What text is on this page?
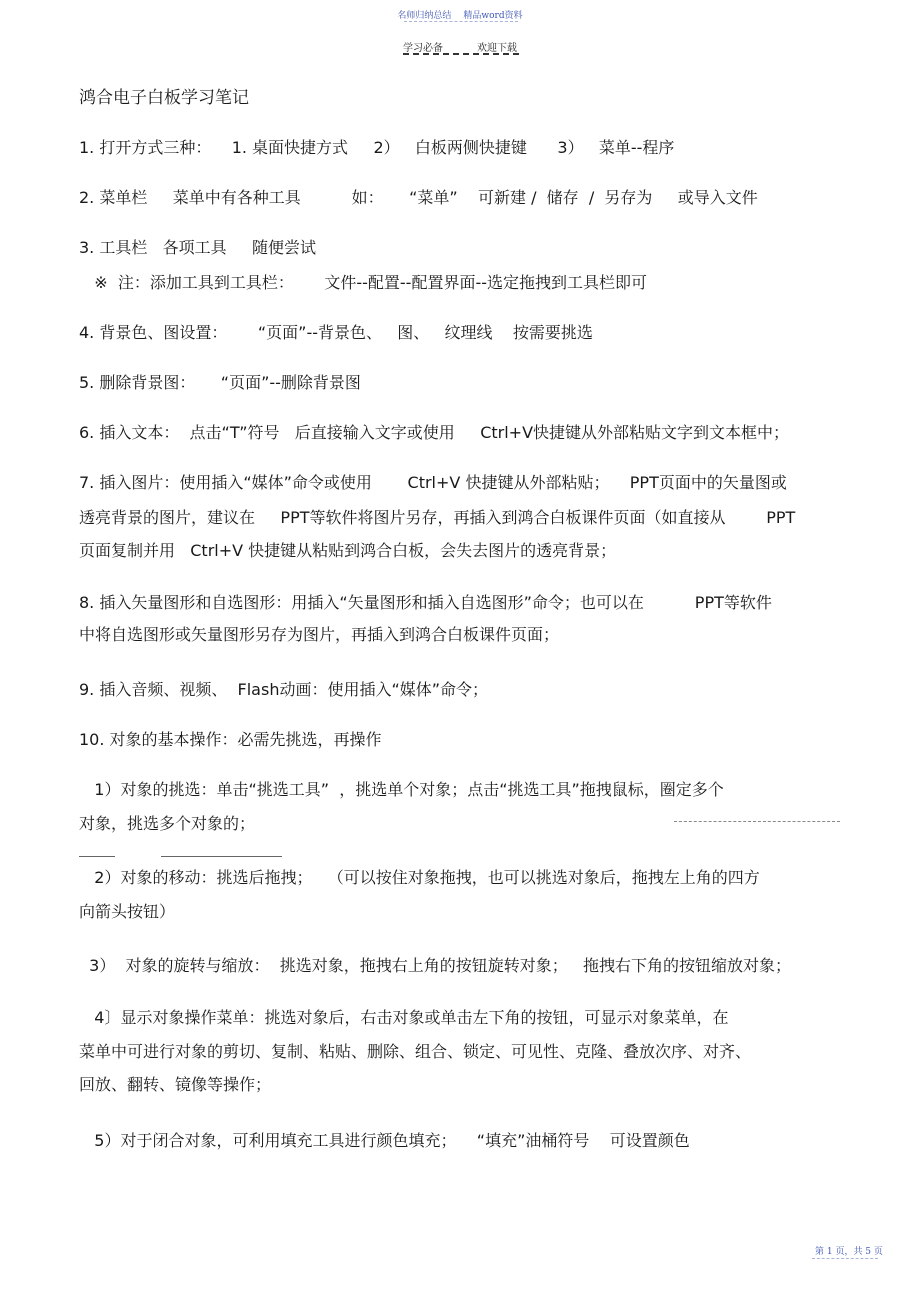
名师归纳总结 精品word资料
学习必备	欢迎下载
鸿合电子白板学习笔记
1. 打开方式三种：    1. 桌面快捷方式     2）   白板两侧快捷键      3）   菜单--程序
2. 菜单栏     菜单中有各种工具          如：     “菜单”    可新建 /  储存  /  另存为     或导入文件
3. 工具栏   各项工具     随便尝试
※  注：添加工具到工具栏：      文件--配置--配置界面--选定拖拽到工具栏即可
4. 背景色、图设置：      “页面”--背景色、   图、   纹理线    按需要挑选
5. 删除背景图：     “页面”--删除背景图
6. 插入文本：  点击“T”符号   后直接输入文字或使用     Ctrl+V快捷键从外部粘贴文字到文本框中；
7. 插入图片：使用插入“媒体”命令或使用       Ctrl+V 快捷键从外部粘贴；    PPT页面中的矢量图或
透亮背景的图片，建议在     PPT等软件将图片另存，再插入到鸿合白板课件页面（如直接从        PPT
页面复制并用   Ctrl+V 快捷键从粘贴到鸿合白板，会失去图片的透亮背景；
8. 插入矢量图形和自选图形：用插入“矢量图形和插入自选图形”命令；也可以在          PPT等软件
中将自选图形或矢量图形另存为图片，再插入到鸿合白板课件页面；
9. 插入音频、视频、  Flash动画：使用插入“媒体”命令；
10. 对象的基本操作：必需先挑选，再操作
1）对象的挑选：单击“挑选工具”  ，挑选单个对象；点击“挑选工具”拖拽鼠标，圈定多个
对象，挑选多个对象的；
2）对象的移动：挑选后拖拽；   （可以按住对象拖拽，也可以挑选对象后，拖拽左上角的四方
向箭头按钮）
3）  对象的旋转与缩放：  挑选对象，拖拽右上角的按钮旋转对象；   拖拽右下角的按钮缩放对象；
4〕显示对象操作菜单：挑选对象后，右击对象或单击左下角的按钮，可显示对象菜单，在
菜单中可进行对象的剪切、复制、粘贴、删除、组合、锁定、可见性、克隆、叠放次序、对齐、
回放、翻转、镜像等操作；
5）对于闭合对象，可利用填充工具进行颜色填充；    “填充”油桶符号    可设置颜色
第 1 页，共 5 页
